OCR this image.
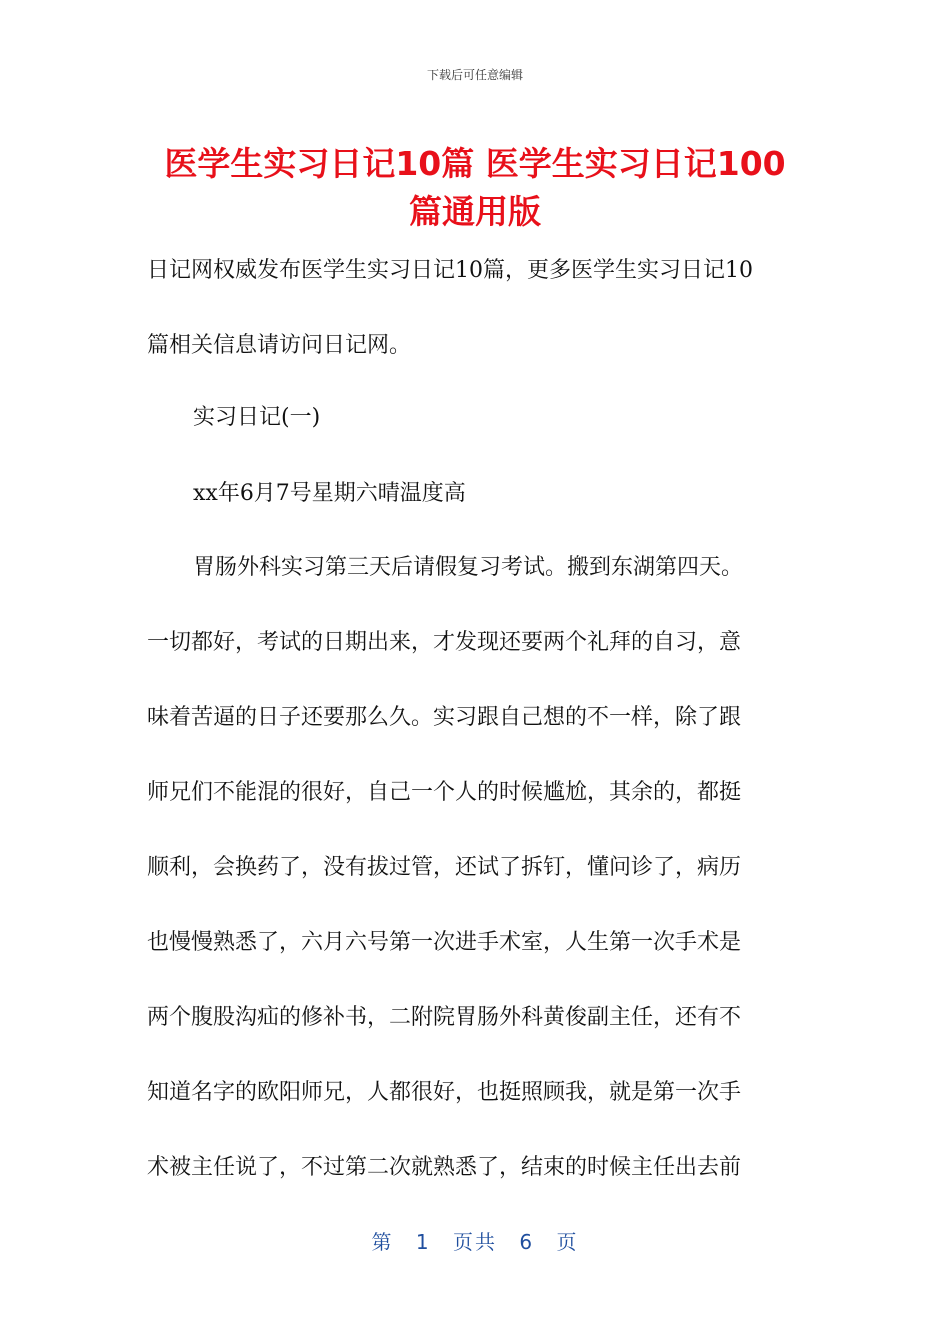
下载后可任意编辑
医学生实习日记10篇 医学生实习日记100
篇通用版

日记网权威发布医学生实习日记10篇，更多医学生实习日记10

篇相关信息请访问日记网。

实习日记(一)

xx年6月7号星期六晴温度高

胃肠外科实习第三天后请假复习考试。搬到东湖第四天。

一切都好，考试的日期出来，才发现还要两个礼拜的自习，意

味着苦逼的日子还要那么久。实习跟自己想的不一样，除了跟

师兄们不能混的很好，自己一个人的时候尴尬，其余的，都挺

顺利，会换药了，没有拔过管，还试了拆钉，懂问诊了，病历

也慢慢熟悉了，六月六号第一次进手术室，人生第一次手术是

两个腹股沟疝的修补书，二附院胃肠外科黄俊副主任，还有不

知道名字的欧阳师兄，人都很好，也挺照顾我，就是第一次手

术被主任说了，不过第二次就熟悉了，结束的时候主任出去前

第 1 页共 6 页
